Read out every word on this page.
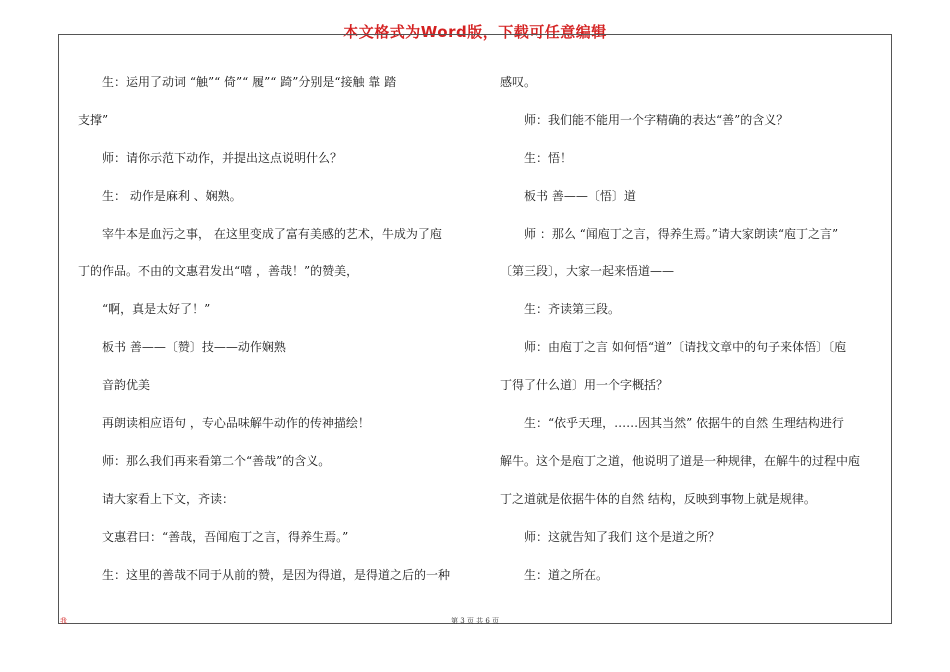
本文格式为Word版，下载可任意编辑
生：运用了动词 “触”“ 倚”“ 履”“ 踦”分别是“接触 靠 踏
支撑”
师：请你示范下动作，并提出这点说明什么？
生： 动作是麻利 、娴熟。
宰牛本是血污之事， 在这里变成了富有美感的艺术，牛成为了庖
丁的作品。不由的文惠君发出“嘻 ，善哉！”的赞美，
“啊，真是太好了！”
板书 善——〔赞〕技——动作娴熟
音韵优美
再朗读相应语句 ，专心品味解牛动作的传神描绘！
师：那么我们再来看第二个“善哉”的含义。
请大家看上下文，齐读：
文惠君曰：“善哉，吾闻庖丁之言，得养生焉。”
生：这里的善哉不同于从前的赞，是因为得道，是得道之后的一种
感叹。
师：我们能不能用一个字精确的表达“善”的含义？
生：悟！
板书 善——〔悟〕道
师 ：那么 “闻庖丁之言，得养生焉。”请大家朗读“庖丁之言”
〔第三段〕，大家一起来悟道——
生：齐读第三段。
师：由庖丁之言 如何悟“道”〔请找文章中的句子来体悟〕〔庖
丁得了什么道〕用一个字概括？
生：“依乎天理，……因其当然” 依据牛的自然 生理结构进行
解牛。这个是庖丁之道，他说明了道是一种规律，在解牛的过程中庖
丁之道就是依据牛体的自然 结构，反映到事物上就是规律。
师：这就告知了我们 这个是道之所？
生：道之所在。
我	第 3 页 共 6 页
